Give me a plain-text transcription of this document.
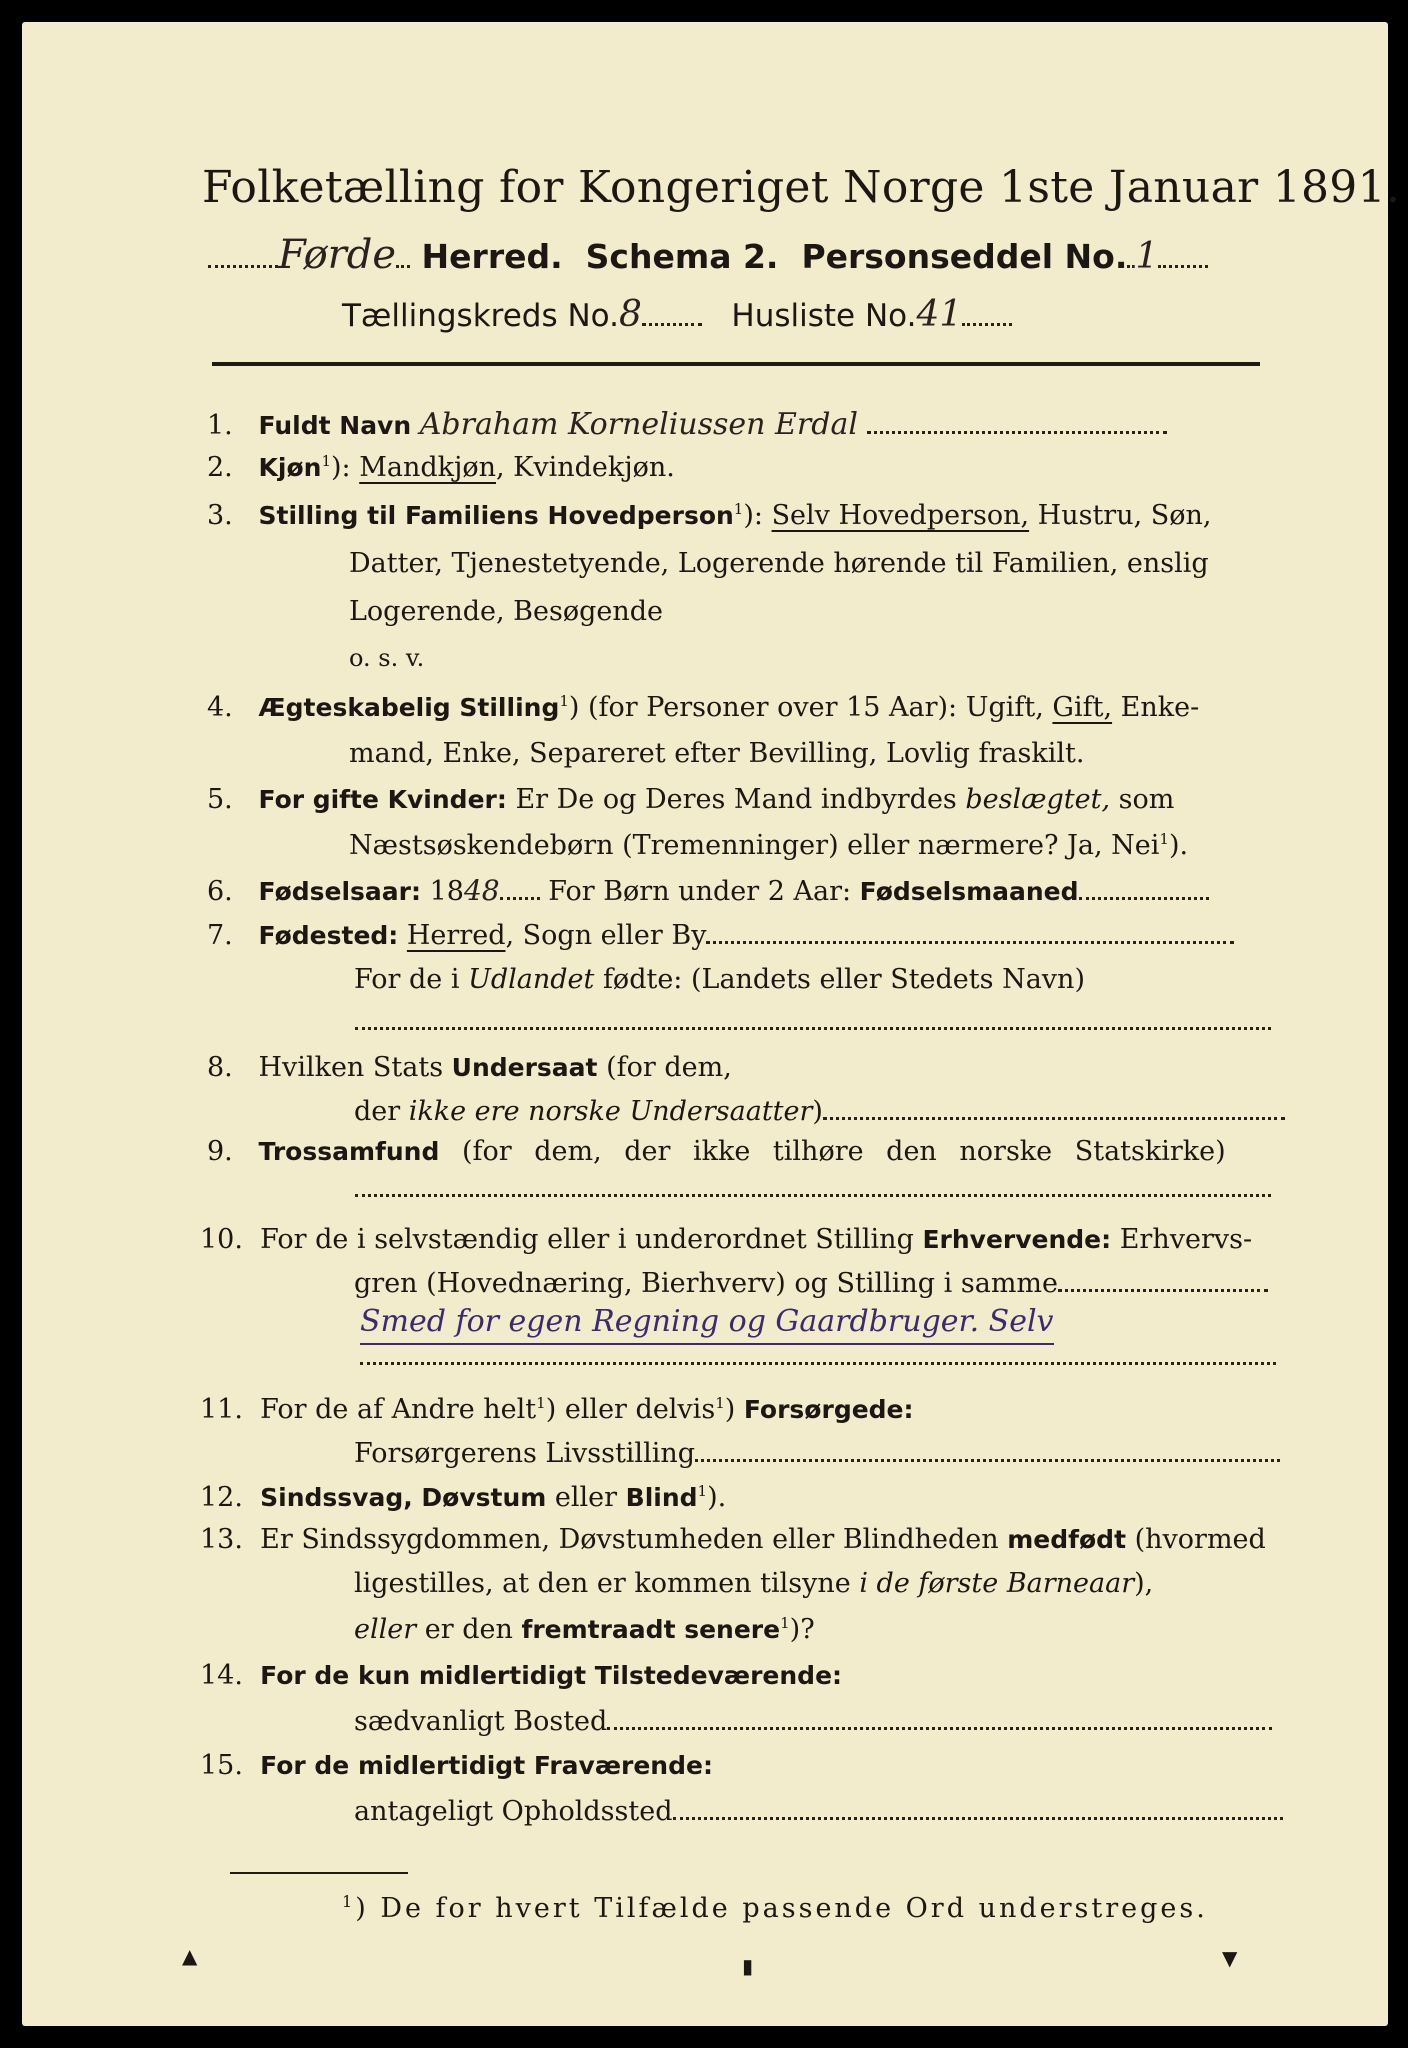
Folketælling for Kongeriget Norge 1ste Januar 1891.
Førde Herred. Schema 2. Personseddel No. 1
Tællingskreds No.8	Husliste No.41
1. Fuldt Navn Abraham Korneliussen Erdal
2. Kjøn$^1$): Mandkjøn, Kvindekjøn.
3. Stilling til Familiens Hovedperson$^1$): Selv Hovedperson, Hustru, Søn,
Datter, Tjenestetyende, Logerende hørende til Familien, enslig
Logerende, Besøgende
o. s. v.
4. Ægteskabelig Stilling$^1$) (for Personer over 15 Aar): Ugift, Gift, Enke-
mand, Enke, Separeret efter Bevilling, Lovlig fraskilt.
5. For gifte Kvinder: Er De og Deres Mand indbyrdes beslægtet, som
Næstsøskendebørn (Tremenninger) eller nærmere? Ja, Nei$^1$).
6. Fødselsaar: 1848 For Børn under 2 Aar: Fødselsmaaned
7. Fødested: Herred, Sogn eller By
For de i Udlandet fødte: (Landets eller Stedets Navn)
8. Hvilken Stats Undersaat (for dem,
der ikke ere norske Undersaatter)
9. Trossamfund (for dem, der ikke tilhøre den norske Statskirke)
10. For de i selvstændig eller i underordnet Stilling Erhvervende: Erhvervs-
gren (Hovednæring, Bierhverv) og Stilling i samme
Smed for egen Regning og Gaardbruger. Selv
11. For de af Andre helt$^1$) eller delvis$^1$) Forsørgede:
Forsørgerens Livsstilling
12. Sindssvag, Døvstum eller Blind$^1$).
13. Er Sindssygdommen, Døvstumheden eller Blindheden medfødt (hvormed
ligestilles, at den er kommen tilsyne i de første Barneaar),
eller er den fremtraadt senere$^1$)?
14. For de kun midlertidigt Tilstedeværende:
sædvanligt Bosted
15. For de midlertidigt Fraværende:
antageligt Opholdssted
$^1$) De for hvert Tilfælde passende Ord understreges.
▲	▮	▼
